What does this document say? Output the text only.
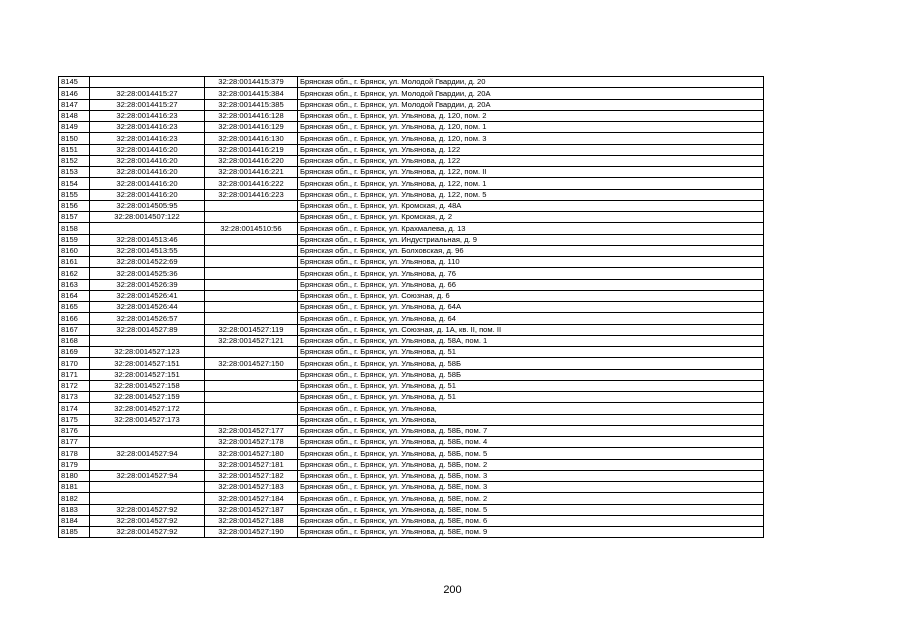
8145		32:28:0014415:379	Брянская обл., г. Брянск, ул. Молодой Гвардии, д. 20
8146	32:28:0014415:27	32:28:0014415:384	Брянская обл., г. Брянск, ул. Молодой Гвардии, д. 20А
8147	32:28:0014415:27	32:28:0014415:385	Брянская обл., г. Брянск, ул. Молодой Гвардии, д. 20А
8148	32:28:0014416:23	32:28:0014416:128	Брянская обл., г. Брянск, ул. Ульянова, д. 120, пом. 2
8149	32:28:0014416:23	32:28:0014416:129	Брянская обл., г. Брянск, ул. Ульянова, д. 120, пом. 1
8150	32:28:0014416:23	32:28:0014416:130	Брянская обл., г. Брянск, ул. Ульянова, д. 120, пом. 3
8151	32:28:0014416:20	32:28:0014416:219	Брянская обл., г. Брянск, ул. Ульянова, д. 122
8152	32:28:0014416:20	32:28:0014416:220	Брянская обл., г. Брянск, ул. Ульянова, д. 122
8153	32:28:0014416:20	32:28:0014416:221	Брянская обл., г. Брянск, ул. Ульянова, д. 122, пом. II
8154	32:28:0014416:20	32:28:0014416:222	Брянская обл., г. Брянск, ул. Ульянова, д. 122, пом. 1
8155	32:28:0014416:20	32:28:0014416:223	Брянская обл., г. Брянск, ул. Ульянова, д. 122, пом. 5
8156	32:28:0014505:95		Брянская обл., г. Брянск, ул. Кромская, д. 48А
8157	32:28:0014507:122		Брянская обл., г. Брянск, ул. Кромская, д. 2
8158		32:28:0014510:56	Брянская обл., г. Брянск, ул. Крахмалева, д. 13
8159	32:28:0014513:46		Брянская обл., г. Брянск, ул. Индустриальная, д. 9
8160	32:28:0014513:55		Брянская обл., г. Брянск, ул. Болховская, д. 96
8161	32:28:0014522:69		Брянская обл., г. Брянск, ул. Ульянова, д. 110
8162	32:28:0014525:36		Брянская обл., г. Брянск, ул. Ульянова, д. 76
8163	32:28:0014526:39		Брянская обл., г. Брянск, ул. Ульянова, д. 66
8164	32:28:0014526:41		Брянская обл., г. Брянск, ул. Союзная, д. 6
8165	32:28:0014526:44		Брянская обл., г. Брянск, ул. Ульянова, д. 64А
8166	32:28:0014526:57		Брянская обл., г. Брянск, ул. Ульянова, д. 64
8167	32:28:0014527:89	32:28:0014527:119	Брянская обл., г. Брянск, ул. Союзная, д. 1А, кв. II, пом. II
8168		32:28:0014527:121	Брянская обл., г. Брянск, ул. Ульянова, д. 58А, пом. 1
8169	32:28:0014527:123		Брянская обл., г. Брянск, ул. Ульянова, д. 51
8170	32:28:0014527:151	32:28:0014527:150	Брянская обл., г. Брянск, ул. Ульянова, д. 58Б
8171	32:28:0014527:151		Брянская обл., г. Брянск, ул. Ульянова, д. 58Б
8172	32:28:0014527:158		Брянская обл., г. Брянск, ул. Ульянова, д. 51
8173	32:28:0014527:159		Брянская обл., г. Брянск, ул. Ульянова, д. 51
8174	32:28:0014527:172		Брянская обл., г. Брянск, ул. Ульянова,
8175	32:28:0014527:173		Брянская обл., г. Брянск, ул. Ульянова,
8176		32:28:0014527:177	Брянская обл., г. Брянск, ул. Ульянова, д. 58Б, пом. 7
8177		32:28:0014527:178	Брянская обл., г. Брянск, ул. Ульянова, д. 58Б, пом. 4
8178	32:28:0014527:94	32:28:0014527:180	Брянская обл., г. Брянск, ул. Ульянова, д. 58Б, пом. 5
8179		32:28:0014527:181	Брянская обл., г. Брянск, ул. Ульянова, д. 58Б, пом. 2
8180	32:28:0014527:94	32:28:0014527:182	Брянская обл., г. Брянск, ул. Ульянова, д. 58Б, пом. 3
8181		32:28:0014527:183	Брянская обл., г. Брянск, ул. Ульянова, д. 58Е, пом. 3
8182		32:28:0014527:184	Брянская обл., г. Брянск, ул. Ульянова, д. 58Е, пом. 2
8183	32:28:0014527:92	32:28:0014527:187	Брянская обл., г. Брянск, ул. Ульянова, д. 58Е, пом. 5
8184	32:28:0014527:92	32:28:0014527:188	Брянская обл., г. Брянск, ул. Ульянова, д. 58Е, пом. 6
8185	32:28:0014527:92	32:28:0014527:190	Брянская обл., г. Брянск, ул. Ульянова, д. 58Е, пом. 9
200
